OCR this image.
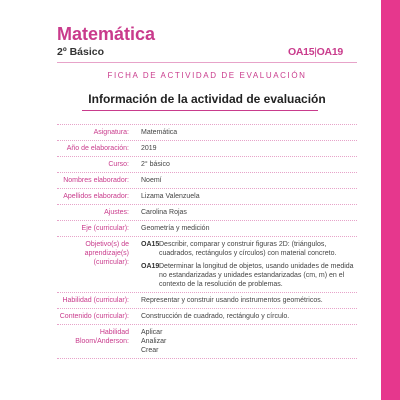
Matemática
2º Básico	OA15|OA19
FICHA DE ACTIVIDAD DE EVALUACIÓN
Información de la actividad de evaluación
Asignatura:	Matemática
Año de elaboración:	2019
Curso:	2° básico
Nombres elaborador:	Noemí
Apellidos elaborador:	Lizama Valenzuela
Ajustes:	Carolina Rojas
Eje (curricular):	Geometría y medición
Objetivo(s) de aprendizaje(s) (curricular):
OA15 Describir, comparar y construir figuras 2D: (triángulos, cuadrados, rectángulos y círculos) con material concreto.
OA19 Determinar la longitud de objetos, usando unidades de medida no estandarizadas y unidades estandarizadas (cm, m) en el contexto de la resolución de problemas.
Habilidad (curricular):	Representar y construir usando instrumentos geométricos.
Contenido (curricular):	Construcción de cuadrado, rectángulo y círculo.
Habilidad Bloom/Anderson:
Aplicar
Analizar
Crear
